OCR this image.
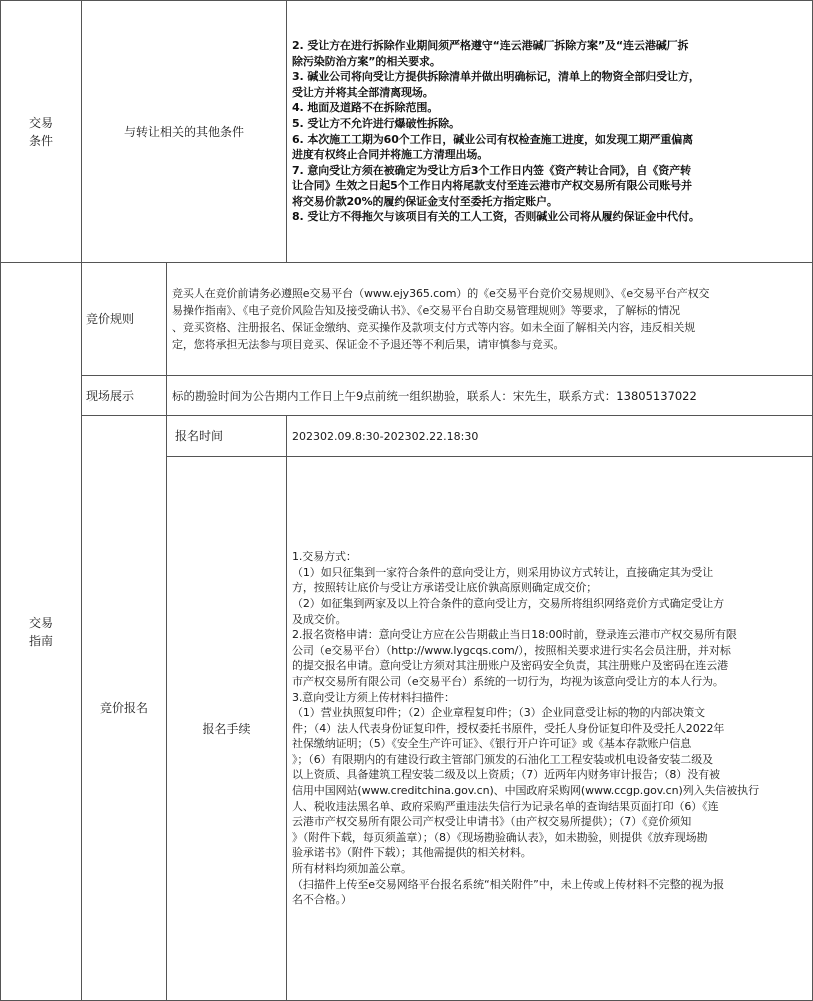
交易
条件
与转让相关的其他条件
2. 受让方在进行拆除作业期间须严格遵守“连云港碱厂拆除方案”及“连云港碱厂拆
除污染防治方案”的相关要求。
3. 碱业公司将向受让方提供拆除清单并做出明确标记，清单上的物资全部归受让方，
受让方并将其全部清离现场。
4. 地面及道路不在拆除范围。
5. 受让方不允许进行爆破性拆除。
6. 本次施工工期为60个工作日，碱业公司有权检查施工进度，如发现工期严重偏离
进度有权终止合同并将施工方清理出场。
7. 意向受让方须在被确定为受让方后3个工作日内签《资产转让合同》，自《资产转
让合同》生效之日起5个工作日内将尾款支付至连云港市产权交易所有限公司账号并
将交易价款20%的履约保证金支付至委托方指定账户。
8. 受让方不得拖欠与该项目有关的工人工资，否则碱业公司将从履约保证金中代付。
交易
指南
竞价规则
竞买人在竞价前请务必遵照e交易平台（www.ejy365.com）的《e交易平台竞价交易规则》、《e交易平台产权交
易操作指南》、《电子竞价风险告知及接受确认书》、《e交易平台自助交易管理规则》等要求，了解标的情况
、竞买资格、注册报名、保证金缴纳、竞买操作及款项支付方式等内容。如未全面了解相关内容，违反相关规
定，您将承担无法参与项目竞买、保证金不予退还等不利后果，请审慎参与竞买。
现场展示	标的勘验时间为公告期内工作日上午9点前统一组织勘验，联系人：宋先生，联系方式：13805137022
竞价报名
报名时间	202302.09.8:30-202302.22.18:30
报名手续
1.交易方式：
（1）如只征集到一家符合条件的意向受让方，则采用协议方式转让，直接确定其为受让
方，按照转让底价与受让方承诺受让底价孰高原则确定成交价；
（2）如征集到两家及以上符合条件的意向受让方，交易所将组织网络竞价方式确定受让方
及成交价。
2.报名资格申请：意向受让方应在公告期截止当日18:00时前，登录连云港市产权交易所有限
公司（e交易平台）（http://www.lygcqs.com/），按照相关要求进行实名会员注册，并对标
的提交报名申请。意向受让方须对其注册账户及密码安全负责，其注册账户及密码在连云港
市产权交易所有限公司（e交易平台）系统的一切行为，均视为该意向受让方的本人行为。
3.意向受让方须上传材料扫描件：
（1）营业执照复印件；（2）企业章程复印件；（3）企业同意受让标的物的内部决策文
件；（4）法人代表身份证复印件，授权委托书原件，受托人身份证复印件及受托人2022年
社保缴纳证明；（5）《安全生产许可证》、《银行开户许可证》或《基本存款账户信息
》；（6）有限期内的有建设行政主管部门颁发的石油化工工程安装或机电设备安装二级及
以上资质、具备建筑工程安装二级及以上资质；（7）近两年内财务审计报告；（8）没有被
信用中国网站(www.creditchina.gov.cn)、中国政府采购网(www.ccgp.gov.cn)列入失信被执行
人、税收违法黑名单、政府采购严重违法失信行为记录名单的查询结果页面打印（6）《连
云港市产权交易所有限公司产权受让申请书》（由产权交易所提供）；（7）《竞价须知
》（附件下载，每页须盖章）；（8）《现场勘验确认表》，如未勘验，则提供《放弃现场勘
验承诺书》（附件下载）；其他需提供的相关材料。
所有材料均须加盖公章。
（扫描件上传至e交易网络平台报名系统“相关附件”中，未上传或上传材料不完整的视为报
名不合格。）
